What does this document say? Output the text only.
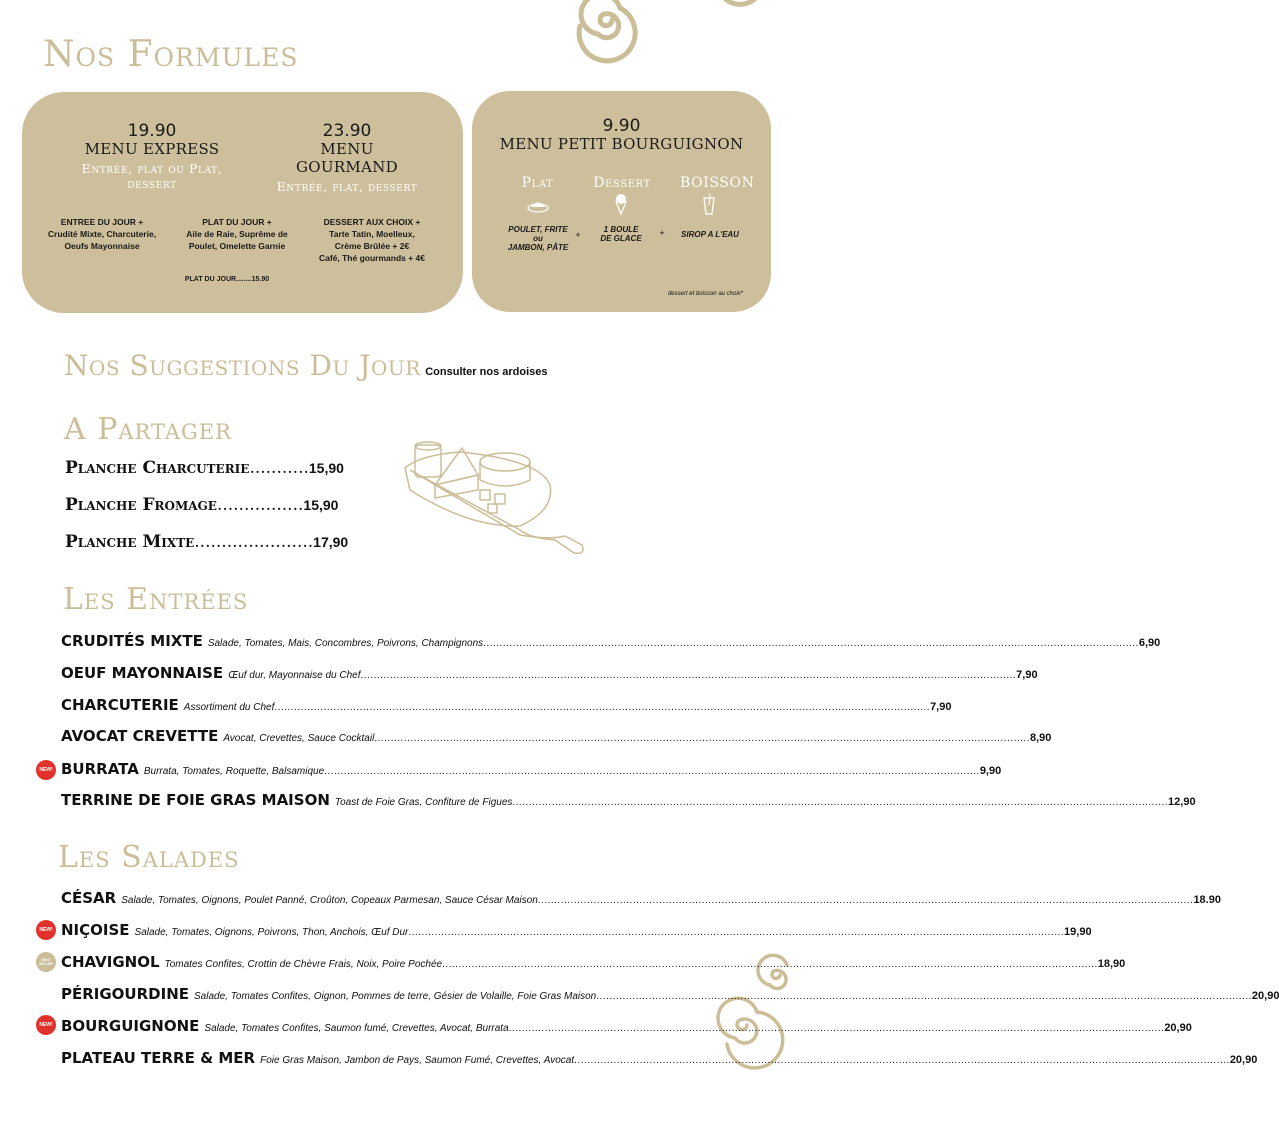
Nos Formules
19.90
MENU EXPRESS
Entrée, plat ou Plat, dessert
23.90
MENU GOURMAND
Entrée, plat, dessert
ENTREE DU JOUR +
Crudité Mixte, Charcuterie,
Oeufs Mayonnaise
PLAT DU JOUR +
Aile de Raie, Suprême de
Poulet, Omelette Garnie
DESSERT AUX CHOIX +
Tarte Tatin, Moelleux,
Crème Brûlée + 2€
Café, Thé gourmands + 4€
PLAT DU JOUR........15.90
9.90
MENU PETIT BOURGUIGNON
Plat	Dessert BOISSON
POULET, FRITE
ou
JAMBON, PÂTE
+
1 BOULE
DE GLACE
+	SIROP A L'EAU
dessert et boisson au choix*
Nos Suggestions Du Jour Consulter nos ardoises
A Partager
Planche Charcuterie...........15,90
Planche Fromage................15,90
Planche Mixte......................17,90
Les Entrées
CRUDITÉS MIXTE Salade, Tomates, Mais, Concombres, Poivrons, Champignons ........................................................................................................................................................................................................ 6,90
OEUF MAYONNAISE Œuf dur, Mayonnaise du Chef ........................................................................................................................................................................................................ 7,90
CHARCUTERIE Assortiment du Chef ........................................................................................................................................................................................................ 7,90
AVOCAT CREVETTE Avocat, Crevettes, Sauce Cocktail ........................................................................................................................................................................................................ 8,90
BURRATA Burrata, Tomates, Roquette, Balsamique ........................................................................................................................................................................................................ 9,90
TERRINE DE FOIE GRAS MAISON Toast de Foie Gras, Confiture de Figues ........................................................................................................................................................................................................ 12,90
Les Salades
CÉSAR Salade, Tomates, Oignons, Poulet Panné, Croûton, Copeaux Parmesan, Sauce César Maison ........................................................................................................................................................................................................ 18.90
NIÇOISE Salade, Tomates, Oignons, Poivrons, Thon, Anchois, Œuf Dur ........................................................................................................................................................................................................ 19,90
CHAVIGNOL Tomates Confites, Crottin de Chèvre Frais, Noix, Poire Pochée ........................................................................................................................................................................................................ 18,90
PÉRIGOURDINE Salade, Tomates Confites, Oignon, Pommes de terre, Gésier de Volaille, Foie Gras Maison ........................................................................................................................................................................................................ 20,90
BOURGUIGNONE Salade, Tomates Confites, Saumon fumé, Crevettes, Avocat, Burrata ........................................................................................................................................................................................................ 20,90
PLATEAU TERRE & MER Foie Gras Maison, Jambon de Pays, Saumon Fumé, Crevettes, Avocat ........................................................................................................................................................................................................ 20,90
NEW!
NEW!
BEST SELLER
NEW!
